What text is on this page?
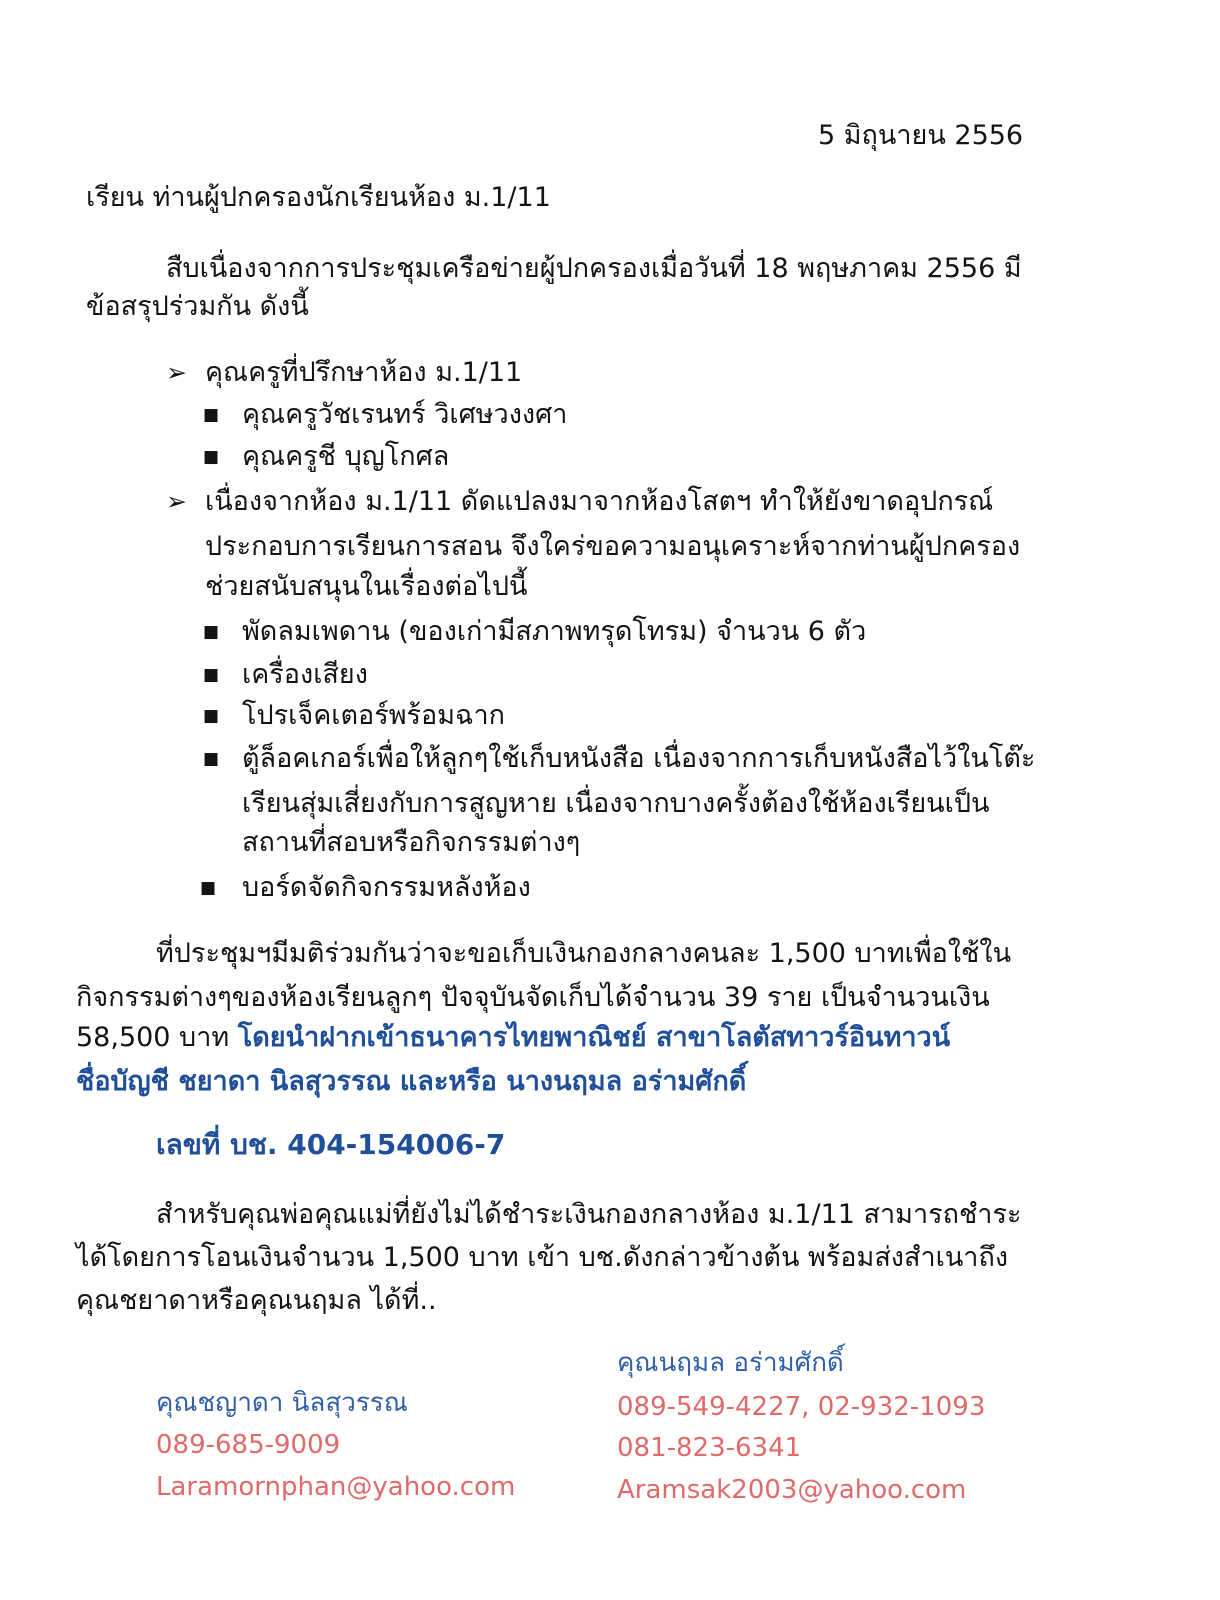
5 มิถุนายน 2556
เรียน ท่านผู้ปกครองนักเรียนห้อง ม.1/11
สืบเนื่องจากการประชุมเครือข่ายผู้ปกครองเมื่อวันที่ 18 พฤษภาคม 2556 มี
ข้อสรุปร่วมกัน ดังนี้
➢ คุณครูที่ปรึกษาห้อง ม.1/11
■ คุณครูวัชเรนทร์ วิเศษวงงศา
■ คุณครูชี บุญโกศล
➢ เนื่องจากห้อง ม.1/11 ดัดแปลงมาจากห้องโสตฯ ทำให้ยังขาดอุปกรณ์
ประกอบการเรียนการสอน จึงใคร่ขอความอนุเคราะห์จากท่านผู้ปกครอง
ช่วยสนับสนุนในเรื่องต่อไปนี้
■ พัดลมเพดาน (ของเก่ามีสภาพทรุดโทรม) จำนวน 6 ตัว
■ เครื่องเสียง
■ โปรเจ็คเตอร์พร้อมฉาก
■ ตู้ล็อคเกอร์เพื่อให้ลูกๆใช้เก็บหนังสือ เนื่องจากการเก็บหนังสือไว้ในโต๊ะ
เรียนสุ่มเสี่ยงกับการสูญหาย เนื่องจากบางครั้งต้องใช้ห้องเรียนเป็น
สถานที่สอบหรือกิจกรรมต่างๆ
■ บอร์ดจัดกิจกรรมหลังห้อง
ที่ประชุมฯมีมติร่วมกันว่าจะขอเก็บเงินกองกลางคนละ 1,500 บาทเพื่อใช้ใน
กิจกรรมต่างๆของห้องเรียนลูกๆ ปัจจุบันจัดเก็บได้จำนวน 39 ราย เป็นจำนวนเงิน
58,500 บาท โดยนำฝากเข้าธนาคารไทยพาณิชย์ สาขาโลตัสทาวร์อินทาวน์
ชื่อบัญชี ชยาดา นิลสุวรรณ และหรือ นางนฤมล อร่ามศักดิ์
เลขที่ บช. 404-154006-7
สำหรับคุณพ่อคุณแม่ที่ยังไม่ได้ชำระเงินกองกลางห้อง ม.1/11 สามารถชำระ
ได้โดยการโอนเงินจำนวน 1,500 บาท เข้า บช.ดังกล่าวข้างต้น พร้อมส่งสำเนาถึง
คุณชยาดาหรือคุณนฤมล ได้ที่..
คุณชญาดา นิลสุวรรณ
089-685-9009
Laramornphan@yahoo.com
คุณนฤมล อร่ามศักดิ์
089-549-4227, 02-932-1093
081-823-6341
Aramsak2003@yahoo.com
